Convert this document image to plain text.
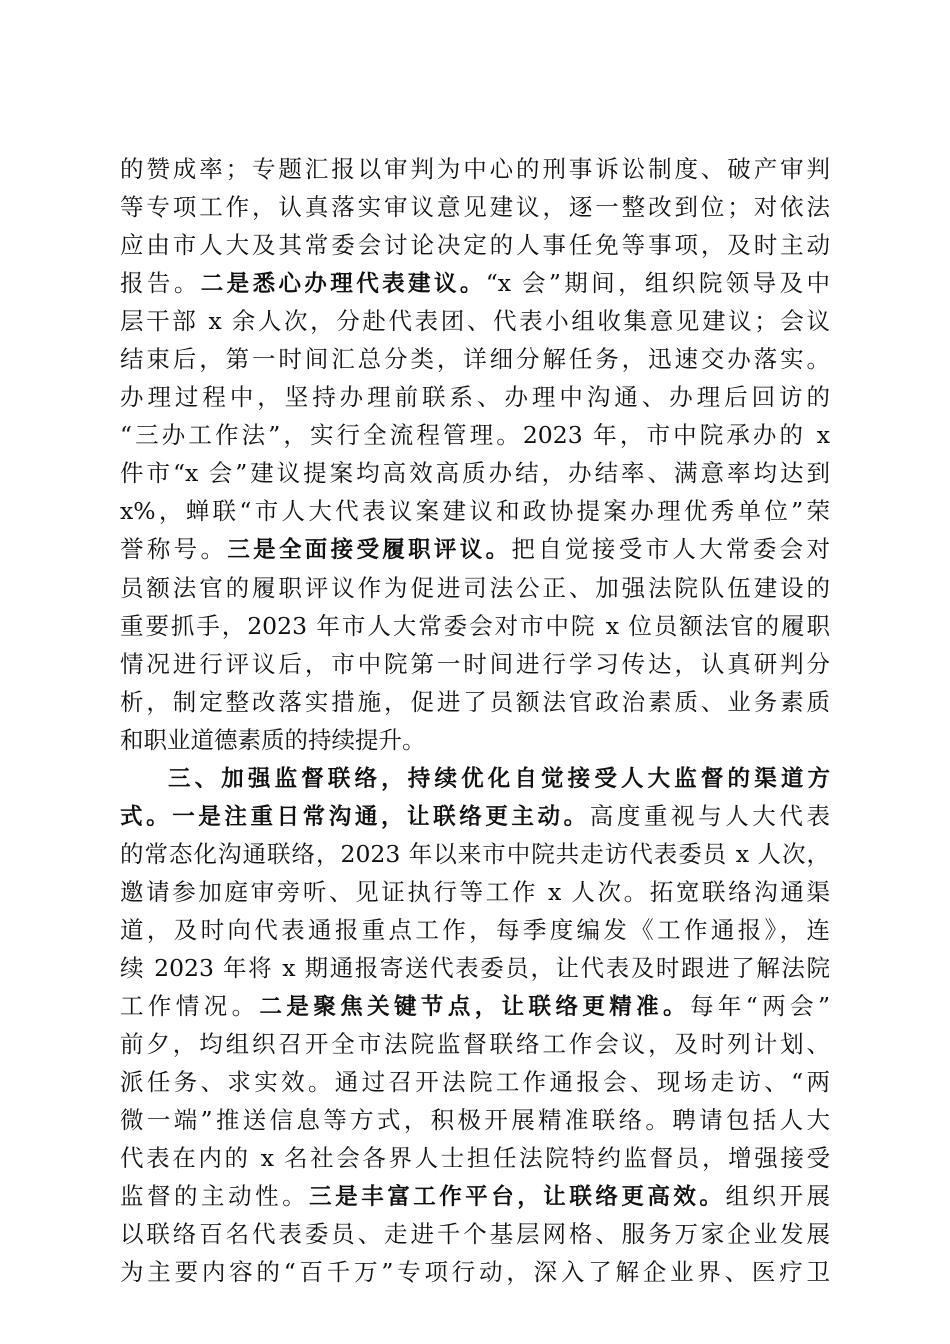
的赞成率；专题汇报以审判为中心的刑事诉讼制度、破产审判
等专项工作，认真落实审议意见建议，逐一整改到位；对依法
应由市人大及其常委会讨论决定的人事任免等事项，及时主动
报告。二是悉心办理代表建议。“x 会”期间，组织院领导及中
层干部 x 余人次，分赴代表团、代表小组收集意见建议；会议
结束后，第一时间汇总分类，详细分解任务，迅速交办落实。
办理过程中，坚持办理前联系、办理中沟通、办理后回访的
“三办工作法”，实行全流程管理。2023 年，市中院承办的 x
件市“x 会”建议提案均高效高质办结，办结率、满意率均达到
x%，蝉联“市人大代表议案建议和政协提案办理优秀单位”荣
誉称号。三是全面接受履职评议。把自觉接受市人大常委会对
员额法官的履职评议作为促进司法公正、加强法院队伍建设的
重要抓手，2023 年市人大常委会对市中院 x 位员额法官的履职
情况进行评议后，市中院第一时间进行学习传达，认真研判分
析，制定整改落实措施，促进了员额法官政治素质、业务素质
和职业道德素质的持续提升。
三、加强监督联络，持续优化自觉接受人大监督的渠道方
式。一是注重日常沟通，让联络更主动。高度重视与人大代表
的常态化沟通联络，2023 年以来市中院共走访代表委员 x 人次，
邀请参加庭审旁听、见证执行等工作 x 人次。拓宽联络沟通渠
道，及时向代表通报重点工作，每季度编发《工作通报》，连
续 2023 年将 x 期通报寄送代表委员，让代表及时跟进了解法院
工作情况。二是聚焦关键节点，让联络更精准。每年“两会”
前夕，均组织召开全市法院监督联络工作会议，及时列计划、
派任务、求实效。通过召开法院工作通报会、现场走访、“两
微一端”推送信息等方式，积极开展精准联络。聘请包括人大
代表在内的 x 名社会各界人士担任法院特约监督员，增强接受
监督的主动性。三是丰富工作平台，让联络更高效。组织开展
以联络百名代表委员、走进千个基层网格、服务万家企业发展
为主要内容的“百千万”专项行动，深入了解企业界、医疗卫
